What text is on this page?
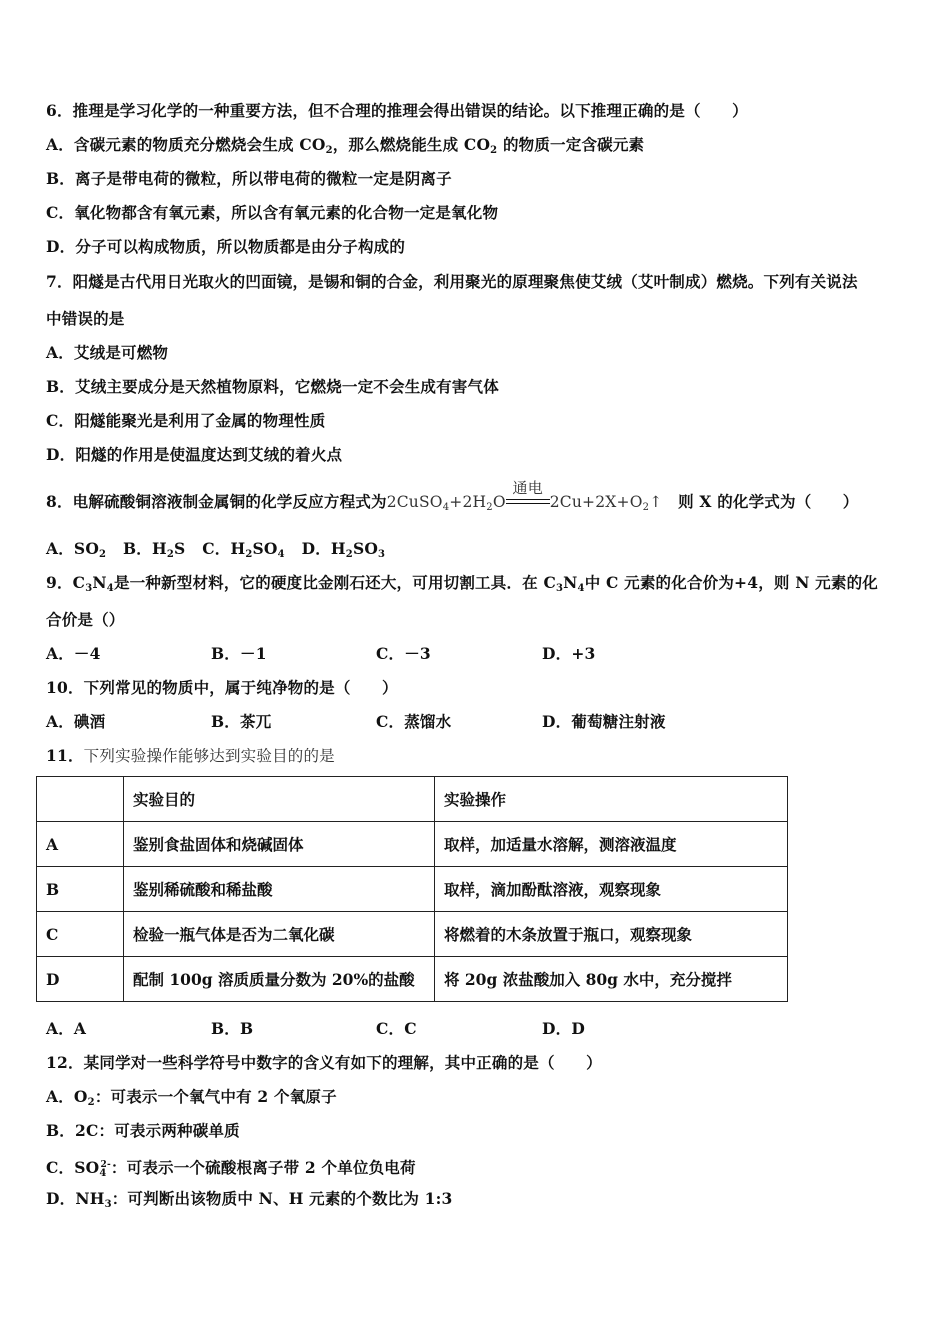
6．推理是学习化学的一种重要方法，但不合理的推理会得出错误的结论。以下推理正确的是（　　）
A．含碳元素的物质充分燃烧会生成 $CO_2$，那么燃烧能生成 $CO_2$ 的物质一定含碳元素
B．离子是带电荷的微粒，所以带电荷的微粒一定是阴离子
C．氧化物都含有氧元素，所以含有氧元素的化合物一定是氧化物
D．分子可以构成物质，所以物质都是由分子构成的
7．阳燧是古代用日光取火的凹面镜，是锡和铜的合金，利用聚光的原理聚焦使艾绒（艾叶制成）燃烧。下列有关说法
中错误的是
A．艾绒是可燃物
B．艾绒主要成分是天然植物原料，它燃烧一定不会生成有害气体
C．阳燧能聚光是利用了金属的物理性质
D．阳燧的作用是使温度达到艾绒的着火点
8．电解硫酸铜溶液制金属铜的化学反应方程式为$2CuSO_4+2H_2O$
通电
$2Cu+2X+O_2↑$　则 X 的化学式为（　　）
A．$SO_2$ B．$H_2S$ C．$H_2SO_4$ D．$H_2SO_3$
9．$C_3N_4$是一种新型材料，它的硬度比金刚石还大，可用切割工具．在 $C_3N_4$中 C 元素的化合价为+4，则 N 元素的化
合价是（）
A．－4	B．－1	C．－3	D．+3
10．下列常见的物质中，属于纯净物的是（　　）
A．碘酒	B．茶兀	C．蒸馏水	D．葡萄糖注射液
11．下列实验操作能够达到实验目的的是
	实验目的	实验操作
A	鉴别食盐固体和烧碱固体	取样，加适量水溶解，测溶液温度
B	鉴别稀硫酸和稀盐酸	取样，滴加酚酞溶液，观察现象
C	检验一瓶气体是否为二氧化碳	将燃着的木条放置于瓶口，观察现象
D	配制 100g 溶质质量分数为 20%的盐酸	将 20g 浓盐酸加入 80g 水中，充分搅拌
A．A	B．B	C．C	D．D
12．某同学对一些科学符号中数字的含义有如下的理解，其中正确的是（　　）
A．$O_2$：可表示一个氧气中有 2 个氧原子
B．2C：可表示两种碳单质
C．$SO_4^{2-}$：可表示一个硫酸根离子带 2 个单位负电荷
D．$NH_3$：可判断出该物质中 N、H 元素的个数比为 1:3
